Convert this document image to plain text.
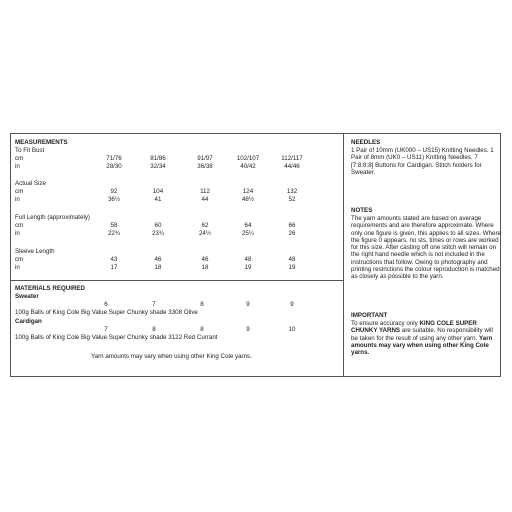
MEASUREMENTS
To Fit Bust
cm
in
71/76	81/86	91/97	102/107	112/117
28/30	32/34	36/38	40/42	44/46
Actual Size
cm
in
92	104	112	124	132
36½	41	44	48½	52
Full Length (approximately)
cm
in
58	60	62	64	66
22¾	23¾	24½	25¼	26
Sleeve Length
cm
in
43	46	46	48	48
17	18	18	19	19
MATERIALS REQUIRED
Sweater
6	7	8	9	9
100g Balls of King Cole Big Value Super Chunky shade 3308 Olive
Cardigan
7	8	8	9	10
100g Balls of King Cole Big Value Super Chunky shade 3122 Red Currant
Yarn amounts may vary when using other King Cole yarns.
NEEDLES
1 Pair of 10mm (UK000 – US15) Knitting Needles. 1 Pair of 8mm (UK0 – US11) Knitting Needles. 7 [7:8:8:8] Buttons for Cardigan. Stitch holders for Sweater.
NOTES
The yarn amounts stated are based on average requirements and are therefore approximate. Where only one figure is given, this applies to all sizes. Where the figure 0 appears, no sts, times or rows are worked for this size. After casting off one stitch will remain on the right hand needle which is not included in the instructions that follow. Owing to photography and printing restrictions the colour reproduction is matched as closely as possible to the yarn.
IMPORTANT
To ensure accuracy only KING COLE SUPER CHUNKY YARNS are suitable. No responsibility will be taken for the result of using any other yarn. Yarn amounts may vary when using other King Cole yarns.
